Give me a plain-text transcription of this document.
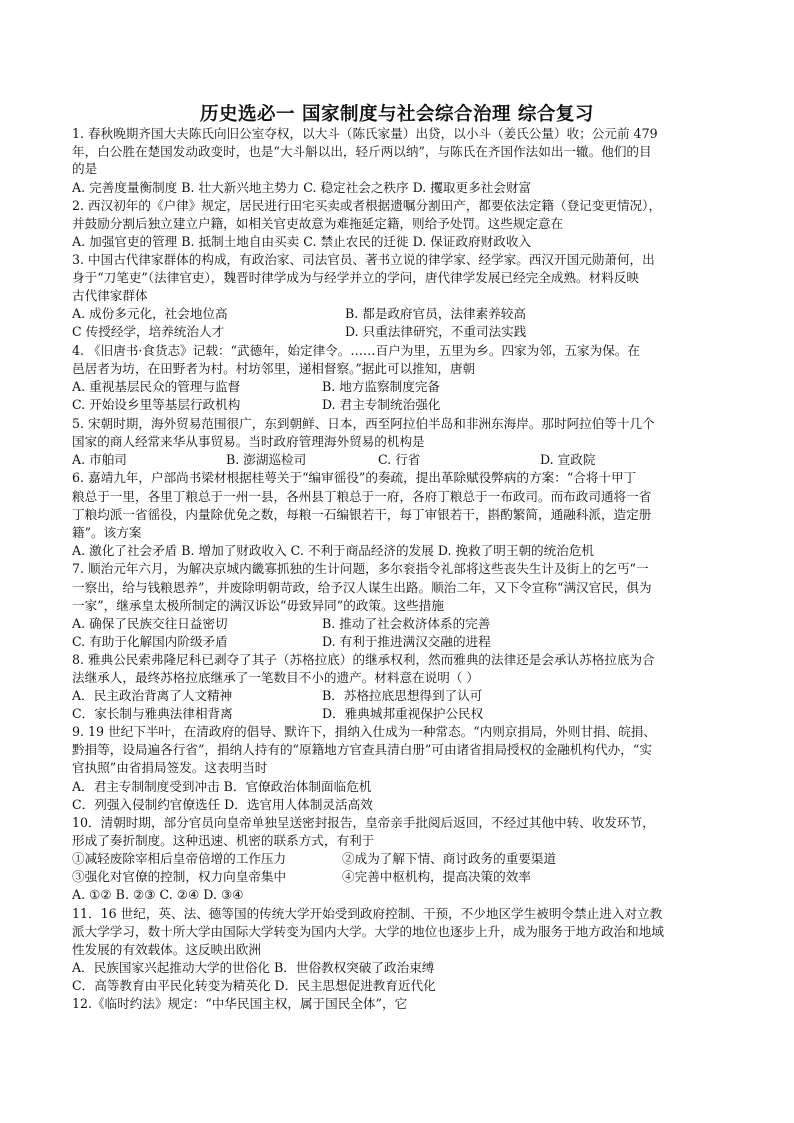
历史选必一 国家制度与社会综合治理 综合复习
1. 春秋晚期齐国大夫陈氏向旧公室夺权，以大斗（陈氏家量）出贷，以小斗（姜氏公量）收；公元前 479
年，白公胜在楚国发动政变时，也是“大斗斛以出，轻斤两以纳”，与陈氏在齐国作法如出一辙。他们的目
的是
A. 完善度量衡制度 B. 壮大新兴地主势力 C. 稳定社会之秩序 D. 攫取更多社会财富
2. 西汉初年的《户律》规定，居民进行田宅买卖或者根据遗嘱分割田产，都要依法定籍（登记变更情况），
并鼓励分割后独立建立户籍，如相关官吏故意为难拖延定籍，则给予处罚。这些规定意在
A. 加强官吏的管理 B. 抵制土地自由买卖 C. 禁止农民的迁徙 D. 保证政府财政收入
3. 中国古代律家群体的构成，有政治家、司法官员、著书立说的律学家、经学家。西汉开国元勋萧何，出
身于“刀笔吏”（法律官吏），魏晋时律学成为与经学并立的学问，唐代律学发展已经完全成熟。材料反映
古代律家群体
A. 成份多元化，社会地位高	B. 都是政府官员，法律素养较高
C 传授经学，培养统治人才	D. 只重法律研究，不重司法实践
4. 《旧唐书·食货志》记载：“武德年，始定律令。……百户为里，五里为乡。四家为邻，五家为保。在
邑居者为坊，在田野者为村。村坊邻里，递相督察。”据此可以推知，唐朝
A. 重视基层民众的管理与监督	B. 地方监察制度完备
C. 开始设乡里等基层行政机构	D. 君主专制统治强化
5. 宋朝时期，海外贸易范围很广，东到朝鲜、日本，西至阿拉伯半岛和非洲东海岸。那时阿拉伯等十几个
国家的商人经常来华从事贸易。当时政府管理海外贸易的机构是
A. 市舶司	B. 澎湖巡检司	C. 行省	D. 宣政院
6. 嘉靖九年，户部尚书梁材根据桂萼关于“编审徭役”的奏疏，提出革除赋役弊病的方案：“合将十甲丁
粮总于一里，各里丁粮总于一州一县，各州县丁粮总于一府，各府丁粮总于一布政司。而布政司通将一省
丁粮均派一省徭役，内量除优免之数，每粮一石编银若干，每丁审银若干，斟酌繁简，通融科派，造定册
籍”。该方案
A. 激化了社会矛盾 B. 增加了财政收入 C. 不利于商品经济的发展 D. 挽救了明王朝的统治危机
7. 顺治元年六月，为解决京城内畿寡抓独的生计问题，多尔衮指令礼部将这些丧失生计及街上的乞丐“一
一察出，给与钱粮恩养”，并废除明朝苛政，给予汉人谋生出路。顺治二年，又下令宣称“满汉官民，俱为
一家”，继承皇太极所制定的满汉诉讼“毋致异同”的政策。这些措施
A. 确保了民族交往日益密切	B. 推动了社会救济体系的完善
C. 有助于化解国内阶级矛盾	D. 有利于推进满汉交融的进程
8. 雅典公民索弗隆尼科已剥夺了其子（苏格拉底）的继承权利，然而雅典的法律还是会承认苏格拉底为合
法继承人，最终苏格拉底继承了一笔数目不小的遗产。材料意在说明（ ）
A．民主政治背离了人文精神	B．苏格拉底思想得到了认可
C．家长制与雅典法律相背离	D．雅典城邦重视保护公民权
9. 19 世纪下半叶，在清政府的倡导、默许下，捐纳入仕成为一种常态。“内则京捐局，外则甘捐、皖捐、
黔捐等，设局遍各行省”，捐纳人持有的“原籍地方官查具清白册”可由诸省捐局授权的金融机构代办，“实
官执照”由省捐局签发。这表明当时
A．君主专制制度受到冲击 B．官僚政治体制面临危机
C．列强入侵制约官僚选任 D．选官用人体制灵活高效
10．清朝时期，部分官员向皇帝单独呈送密封报告，皇帝亲手批阅后返回，不经过其他中转、收发环节，
形成了奏折制度。这种迅速、机密的联系方式，有利于
①减轻废除宰相后皇帝倍增的工作压力	②成为了解下情、商讨政务的重要渠道
③强化对官僚的控制，权力向皇帝集中	④完善中枢机构，提高决策的效率
A. ①② B. ②③ C. ②④ D. ③④
11．16 世纪，英、法、德等国的传统大学开始受到政府控制、干预，不少地区学生被明令禁止进入对立教
派大学学习，数十所大学由国际大学转变为国内大学。大学的地位也逐步上升，成为服务于地方政治和地域
性发展的有效载体。这反映出欧洲
A．民族国家兴起推动大学的世俗化 B．世俗教权突破了政治束缚
C．高等教育由平民化转变为精英化 D．民主思想促进教育近代化
12.《临时约法》规定：“中华民国主权，属于国民全体”，它
